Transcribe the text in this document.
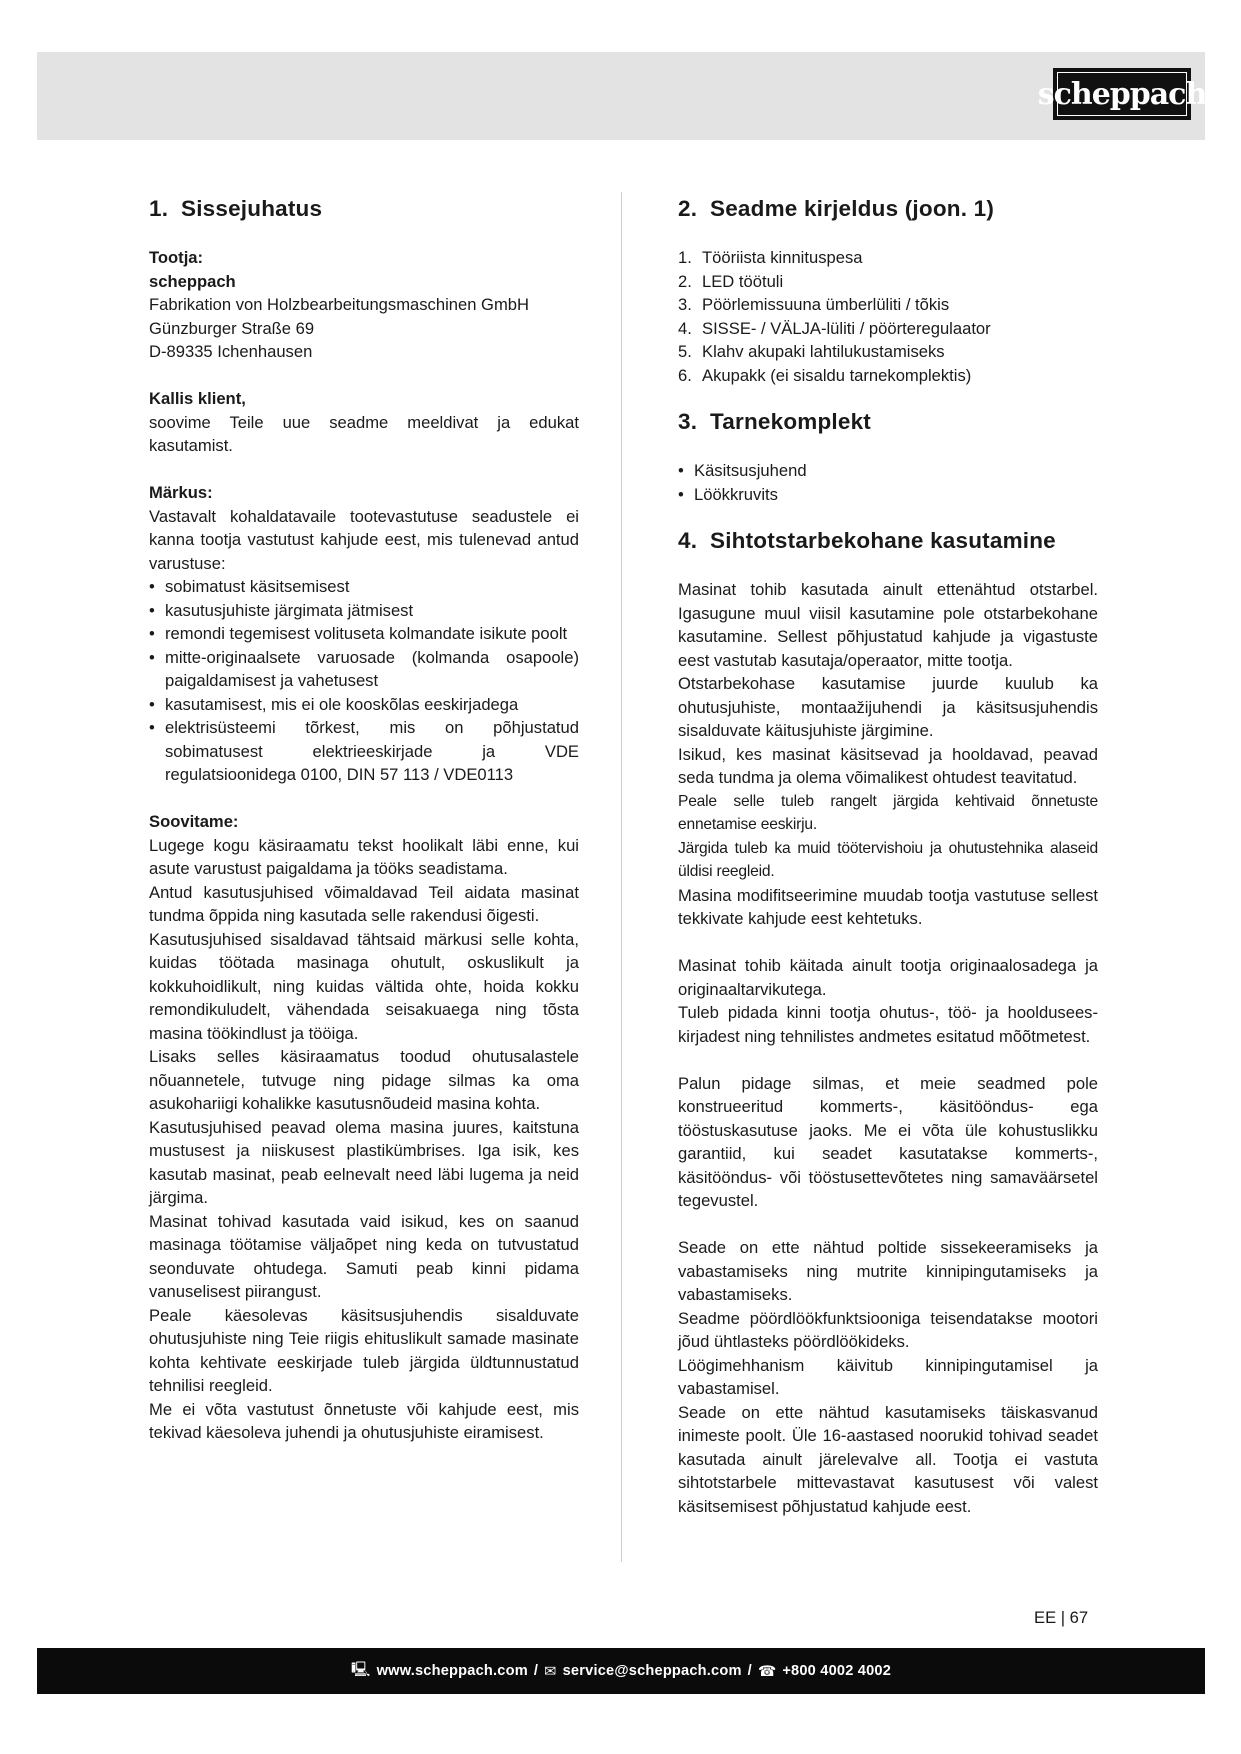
scheppach
1. Sissejuhatus

Tootja:

scheppach

Fabrikation von Holzbearbeitungsmaschinen GmbH

Günzburger Straße 69

D-89335 Ichenhausen

Kallis klient,

soovime Teile uue seadme meeldivat ja edukat kasutamist.

Märkus:

Vastavalt kohaldatavaile tootevastutuse seadustele ei kanna tootja vastutust kahjude eest, mis tulenevad antud varustuse:

• sobimatust käsitsemisest
• kasutusjuhiste järgimata jätmisest
• remondi tegemisest volituseta kolmandate isikute poolt
• mitte-originaalsete varuosade (kolmanda osapoole) paigaldamisest ja vahetusest
• kasutamisest, mis ei ole kooskõlas eeskirjadega
• elektrisüsteemi tõrkest, mis on põhjustatud sobimatusest elektrieeskirjade ja VDE regulatsioonidega 0100, DIN 57 113 / VDE0113

Soovitame:

Lugege kogu käsiraamatu tekst hoolikalt läbi enne, kui asute varustust paigaldama ja tööks seadistama.

Antud kasutusjuhised võimaldavad Teil aidata masinat tundma õppida ning kasutada selle rakendusi õigesti.

Kasutusjuhised sisaldavad tähtsaid märkusi selle kohta, kuidas töötada masinaga ohutult, oskuslikult ja kokkuhoidlikult, ning kuidas vältida ohte, hoida kokku remondikuludelt, vähendada seisakuaega ning tõsta masina töökindlust ja tööiga.

Lisaks selles käsiraamatus toodud ohutusalastele nõuannetele, tutvuge ning pidage silmas ka oma asukohariigi kohalikke kasutusnõudeid masina kohta.

Kasutusjuhised peavad olema masina juures, kaitstuna mustusest ja niiskusest plastikümbrises. Iga isik, kes kasutab masinat, peab eelnevalt need läbi lugema ja neid järgima.

Masinat tohivad kasutada vaid isikud, kes on saanud masinaga töötamise väljaõpet ning keda on tutvustatud seonduvate ohtudega. Samuti peab kinni pidama vanuselisest piirangust.

Peale käesolevas käsitsusjuhendis sisalduvate ohutusjuhiste ning Teie riigis ehituslikult samade masinate kohta kehtivate eeskirjade tuleb järgida üldtunnustatud tehnilisi reegleid.

Me ei võta vastutust õnnetuste või kahjude eest, mis tekivad käesoleva juhendi ja ohutusjuhiste eiramisest.

2. Seadme kirjeldus (joon. 1)
1. Tööriista kinnituspesa
2. LED töötuli
3. Pöörlemissuuna ümberlüliti / tõkis
4. SISSE- / VÄLJA-lüliti / pöörteregulaator
5. Klahv akupaki lahtilukustamiseks
6. Akupakk (ei sisaldu tarnekomplektis)
3. Tarnekomplekt
• Käsitsusjuhend
• Löökkruvits
4. Sihtotstarbekohane kasutamine

Masinat tohib kasutada ainult ettenähtud otstarbel. Igasugune muul viisil kasutamine pole otstarbekohane kasutamine. Sellest põhjustatud kahjude ja vigastuste eest vastutab kasutaja/operaator, mitte tootja.

Otstarbekohase kasutamise juurde kuulub ka ohutusjuhiste, montaažijuhendi ja käsitsusjuhendis sisalduvate käitusjuhiste järgimine.

Isikud, kes masinat käsitsevad ja hooldavad, peavad seda tundma ja olema võimalikest ohtudest teavitatud.

Peale selle tuleb rangelt järgida kehtivaid õnnetuste ennetamise eeskirju.

Järgida tuleb ka muid töötervishoiu ja ohutustehnika alaseid üldisi reegleid.

Masina modifitseerimine muudab tootja vastutuse sellest tekkivate kahjude eest kehtetuks.

Masinat tohib käitada ainult tootja originaalosadega ja originaaltarvikutega.

Tuleb pidada kinni tootja ohutus-, töö- ja hoolduseeskirjadest ning tehnilistes andmetes esitatud mõõtmetest.

Palun pidage silmas, et meie seadmed pole konstrueeritud kommerts-, käsitööndus- ega tööstuskasutuse jaoks. Me ei võta üle kohustuslikku garantiid, kui seadet kasutatakse kommerts-, käsitööndus- või tööstusettevõtetes ning samaväärsetel tegevustel.

Seade on ette nähtud poltide sissekeeramiseks ja vabastamiseks ning mutrite kinnipingutamiseks ja vabastamiseks.

Seadme pöördlöökfunktsiooniga teisendatakse mootori jõud ühtlasteks pöördlöökideks.

Löögimehhanism käivitub kinnipingutamisel ja vabastamisel.

Seade on ette nähtud kasutamiseks täiskasvanud inimeste poolt. Üle 16-aastased noorukid tohivad seadet kasutada ainult järelevalve all. Tootja ei vastuta sihtotstarbele mittevastavat kasutusest või valest käsitsemisest põhjustatud kahjude eest.

EE | 67
🖳 www.scheppach.com / ✉ service@scheppach.com / ☎ +800 4002 4002
